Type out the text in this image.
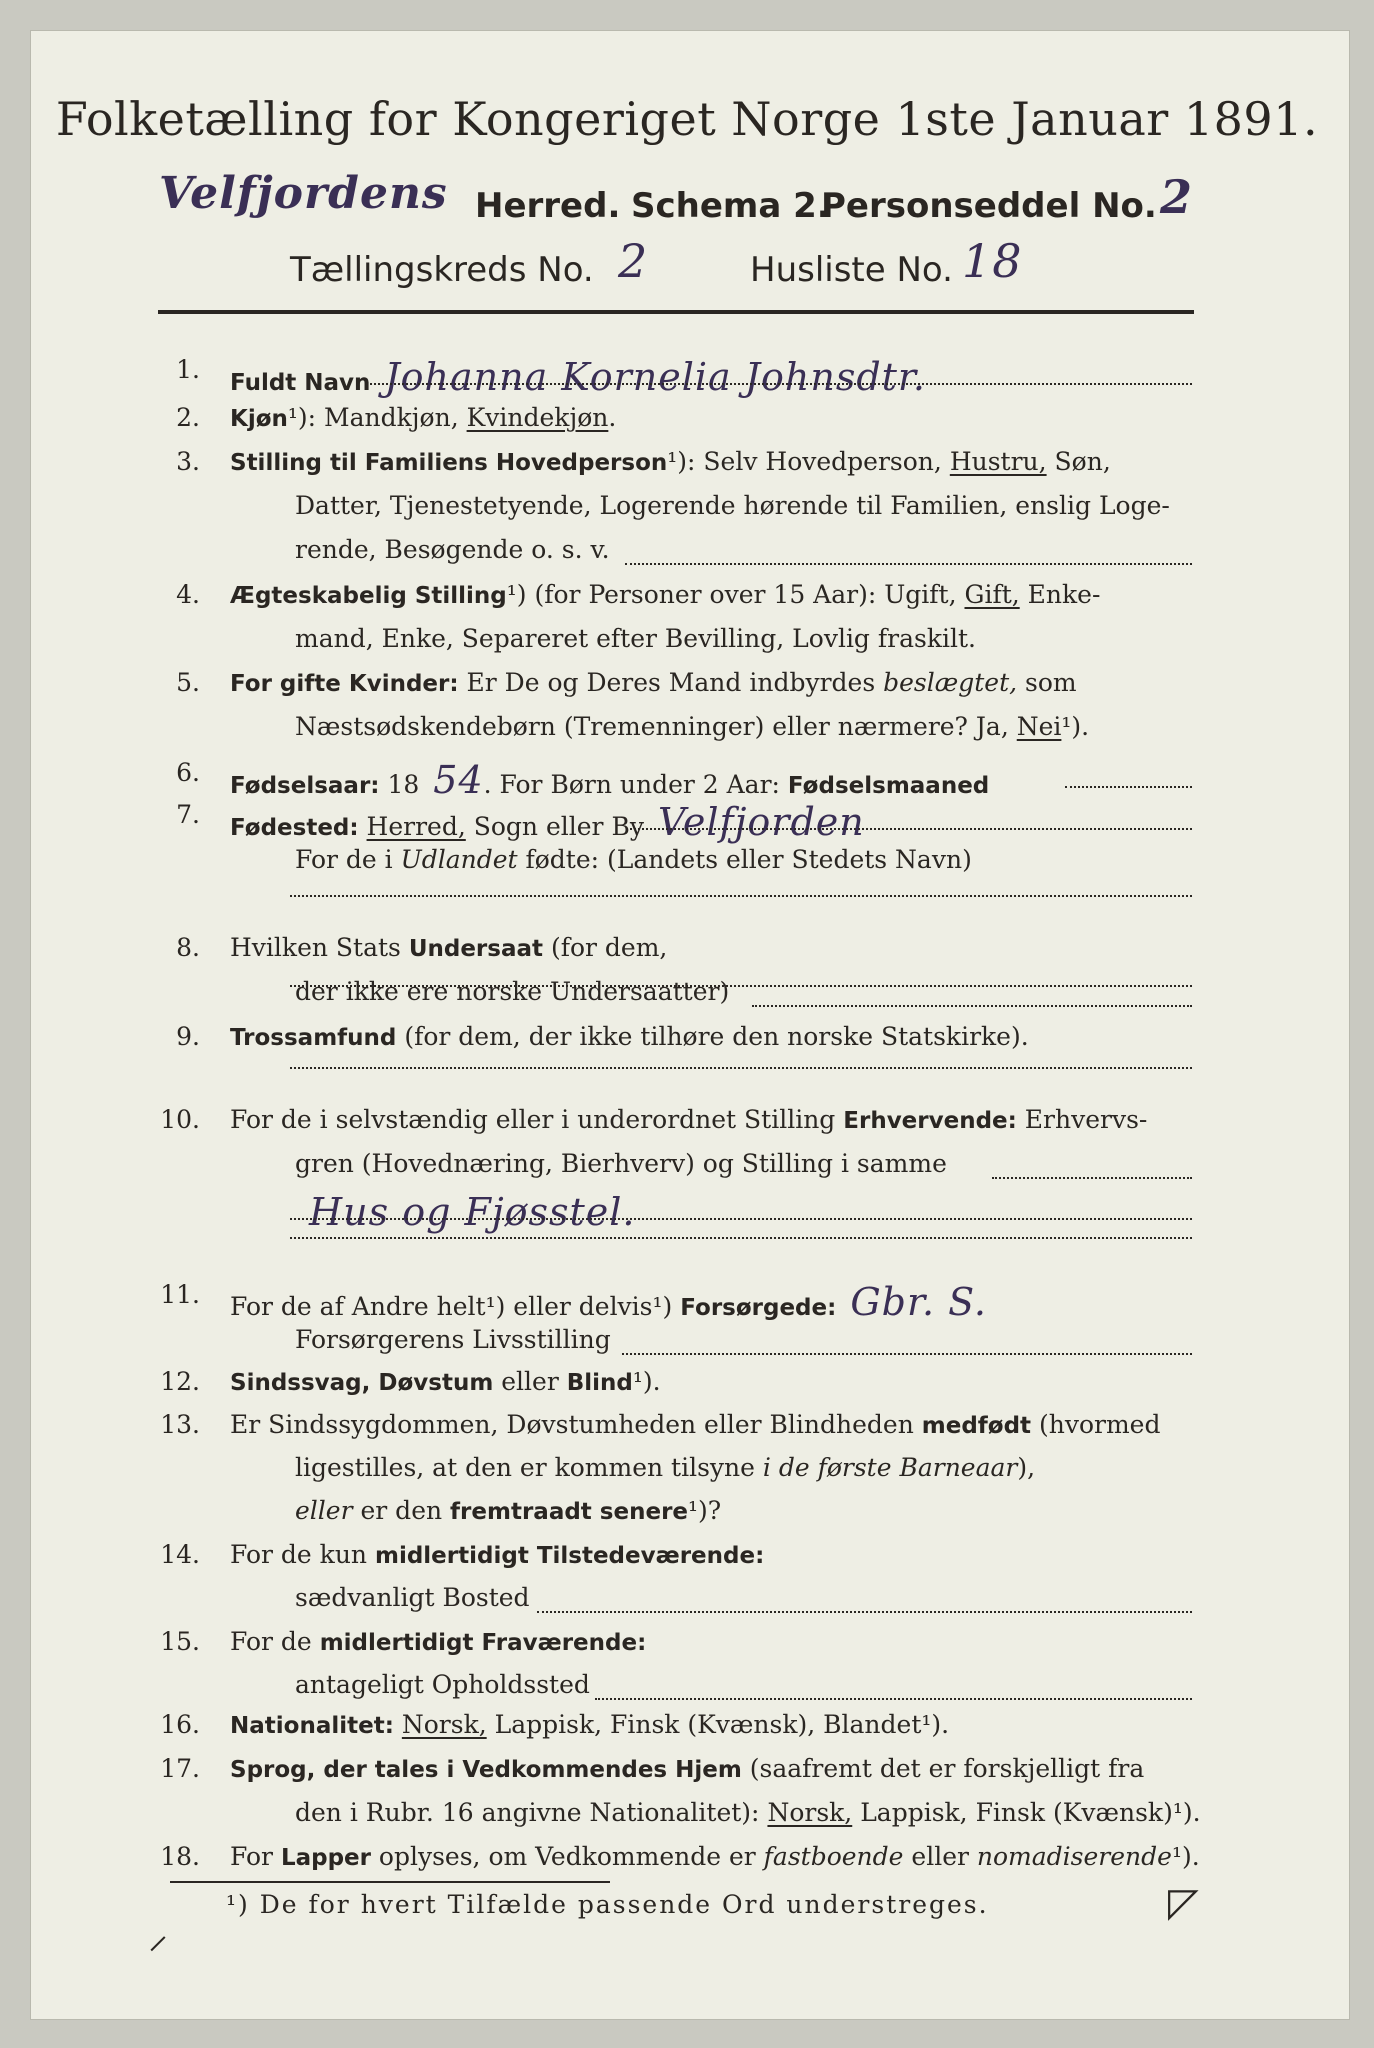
Folketælling for Kongeriget Norge 1ste Januar 1891.
Velfjordens Herred. Schema 2.
Personseddel No. 2
Tællingskreds No. 2	Husliste No. 18
1. Fuldt Navn Johanna Kornelia Johnsdtr.
2. Kjøn¹): Mandkjøn, Kvindekjøn.
3. Stilling til Familiens Hovedperson¹): Selv Hovedperson, Hustru, Søn,
Datter, Tjenestetyende, Logerende hørende til Familien, enslig Loge-
rende, Besøgende o. s. v.
4. Ægteskabelig Stilling¹) (for Personer over 15 Aar): Ugift, Gift, Enke-
mand, Enke, Separeret efter Bevilling, Lovlig fraskilt.
5. For gifte Kvinder: Er De og Deres Mand indbyrdes beslægtet, som
Næstsødskendebørn (Tremenninger) eller nærmere? Ja, Nei¹).
6. Fødselsaar: 18 54. For Børn under 2 Aar: Fødselsmaaned
7. Fødested: Herred, Sogn eller By Velfjorden
For de i Udlandet fødte: (Landets eller Stedets Navn)
8. Hvilken Stats Undersaat (for dem,
der ikke ere norske Undersaatter)
9. Trossamfund (for dem, der ikke tilhøre den norske Statskirke).
10. For de i selvstændig eller i underordnet Stilling Erhvervende: Erhvervs-
gren (Hovednæring, Bierhverv) og Stilling i samme
Hus og Fjøsstel.
11. For de af Andre helt¹) eller delvis¹) Forsørgede: Gbr. S.
Forsørgerens Livsstilling
12. Sindssvag, Døvstum eller Blind¹).
13. Er Sindssygdommen, Døvstumheden eller Blindheden medfødt (hvormed
ligestilles, at den er kommen tilsyne i de første Barneaar),
eller er den fremtraadt senere¹)?
14. For de kun midlertidigt Tilstedeværende:
sædvanligt Bosted
15. For de midlertidigt Fraværende:
antageligt Opholdssted
16. Nationalitet: Norsk, Lappisk, Finsk (Kvænsk), Blandet¹).
17. Sprog, der tales i Vedkommendes Hjem (saafremt det er forskjelligt fra
den i Rubr. 16 angivne Nationalitet): Norsk, Lappisk, Finsk (Kvænsk)¹).
18. For Lapper oplyses, om Vedkommende er fastboende eller nomadiserende¹).
¹) De for hvert Tilfælde passende Ord understreges.
⸝
◸
